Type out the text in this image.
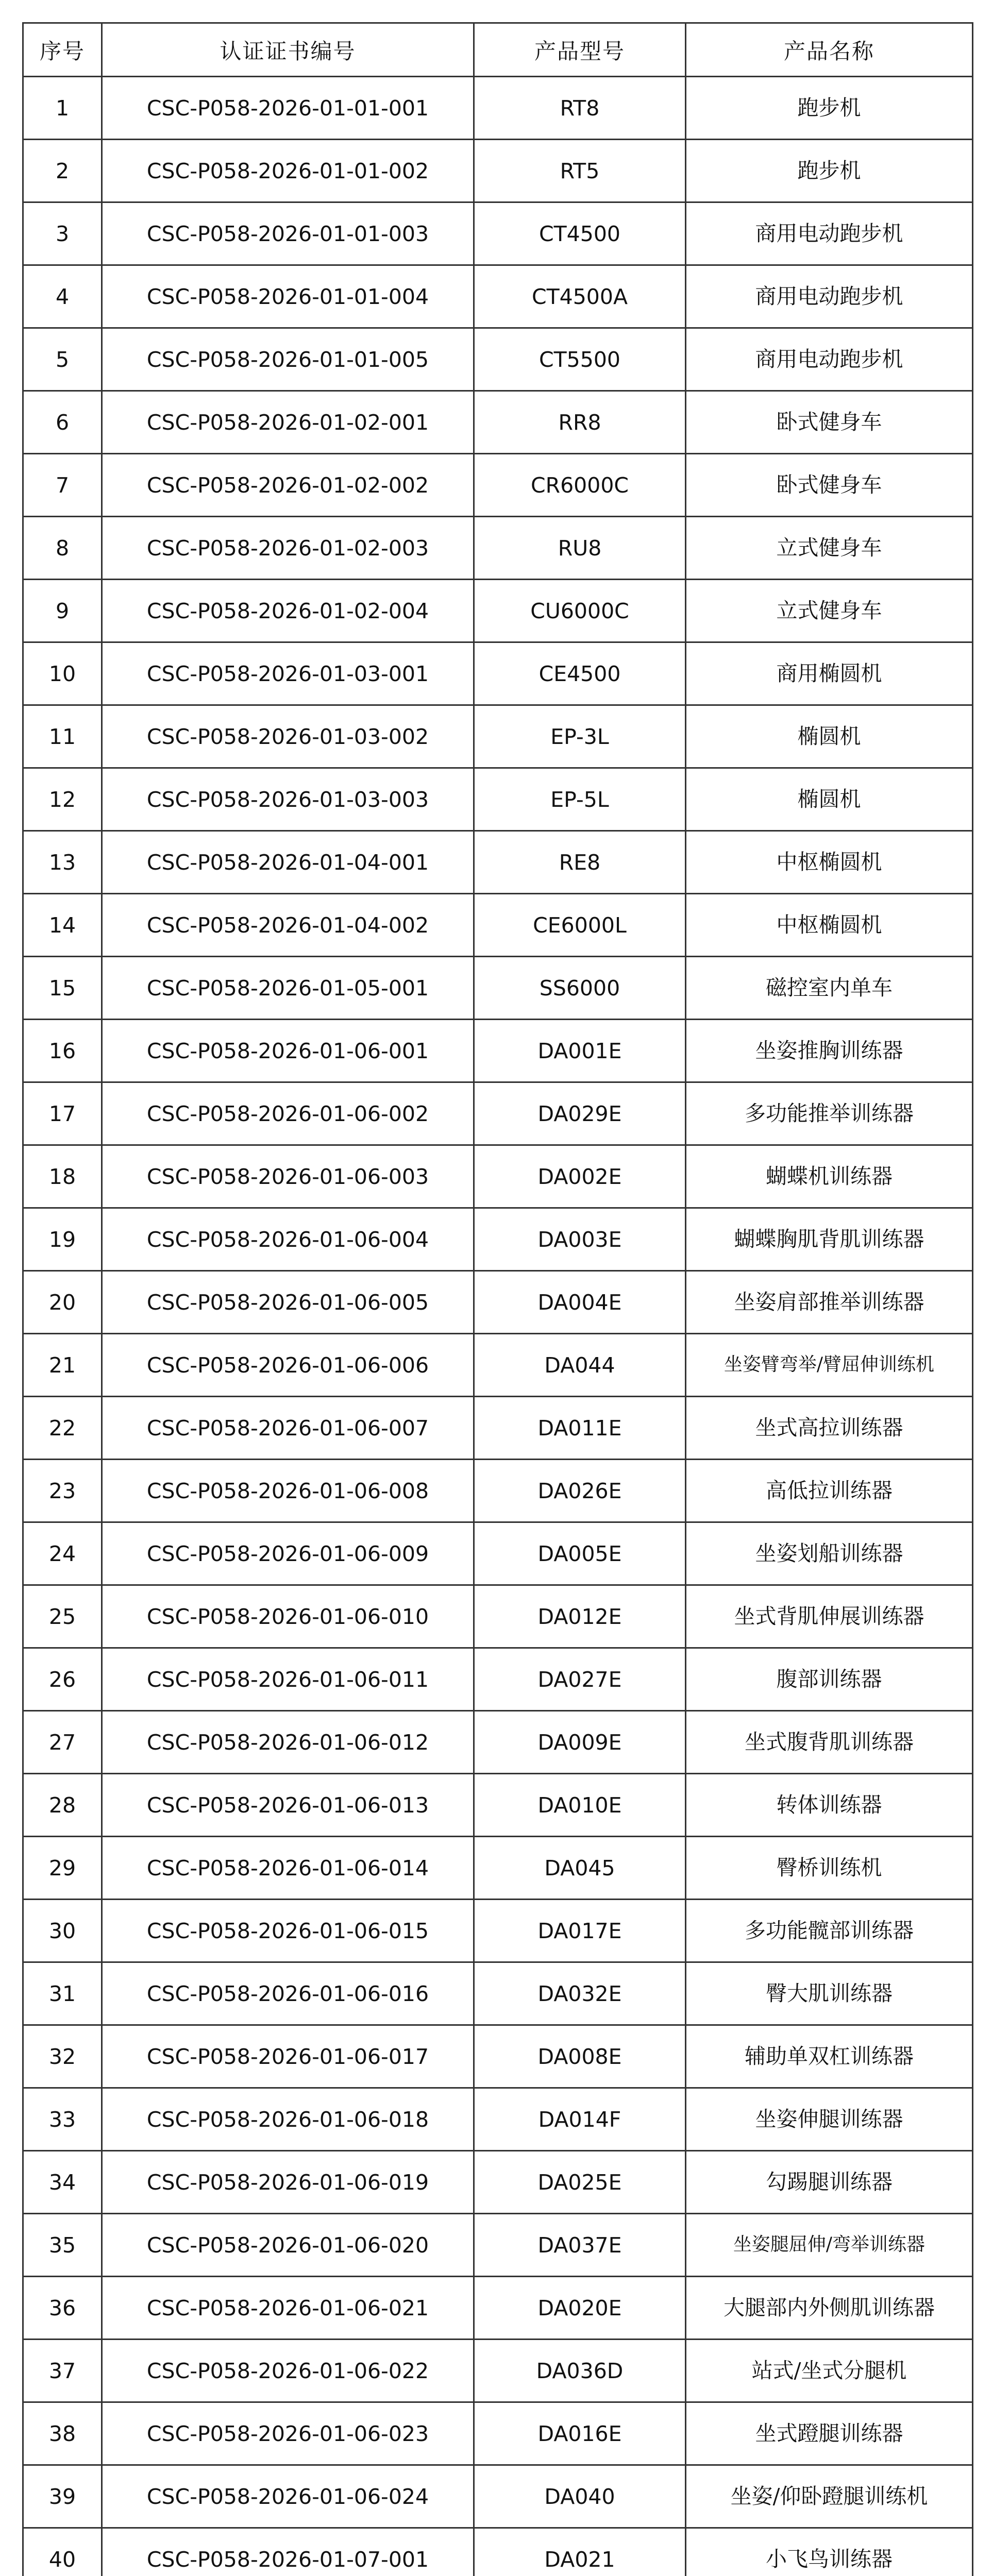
序号	认证证书编号	产品型号	产品名称
1	CSC-P058-2026-01-01-001	RT8	跑步机
2	CSC-P058-2026-01-01-002	RT5	跑步机
3	CSC-P058-2026-01-01-003	CT4500	商用电动跑步机
4	CSC-P058-2026-01-01-004	CT4500A	商用电动跑步机
5	CSC-P058-2026-01-01-005	CT5500	商用电动跑步机
6	CSC-P058-2026-01-02-001	RR8	卧式健身车
7	CSC-P058-2026-01-02-002	CR6000C	卧式健身车
8	CSC-P058-2026-01-02-003	RU8	立式健身车
9	CSC-P058-2026-01-02-004	CU6000C	立式健身车
10	CSC-P058-2026-01-03-001	CE4500	商用椭圆机
11	CSC-P058-2026-01-03-002	EP-3L	椭圆机
12	CSC-P058-2026-01-03-003	EP-5L	椭圆机
13	CSC-P058-2026-01-04-001	RE8	中枢椭圆机
14	CSC-P058-2026-01-04-002	CE6000L	中枢椭圆机
15	CSC-P058-2026-01-05-001	SS6000	磁控室内单车
16	CSC-P058-2026-01-06-001	DA001E	坐姿推胸训练器
17	CSC-P058-2026-01-06-002	DA029E	多功能推举训练器
18	CSC-P058-2026-01-06-003	DA002E	蝴蝶机训练器
19	CSC-P058-2026-01-06-004	DA003E	蝴蝶胸肌背肌训练器
20	CSC-P058-2026-01-06-005	DA004E	坐姿肩部推举训练器
21	CSC-P058-2026-01-06-006	DA044	坐姿臂弯举/臂屈伸训练机
22	CSC-P058-2026-01-06-007	DA011E	坐式高拉训练器
23	CSC-P058-2026-01-06-008	DA026E	高低拉训练器
24	CSC-P058-2026-01-06-009	DA005E	坐姿划船训练器
25	CSC-P058-2026-01-06-010	DA012E	坐式背肌伸展训练器
26	CSC-P058-2026-01-06-011	DA027E	腹部训练器
27	CSC-P058-2026-01-06-012	DA009E	坐式腹背肌训练器
28	CSC-P058-2026-01-06-013	DA010E	转体训练器
29	CSC-P058-2026-01-06-014	DA045	臀桥训练机
30	CSC-P058-2026-01-06-015	DA017E	多功能髋部训练器
31	CSC-P058-2026-01-06-016	DA032E	臀大肌训练器
32	CSC-P058-2026-01-06-017	DA008E	辅助单双杠训练器
33	CSC-P058-2026-01-06-018	DA014F	坐姿伸腿训练器
34	CSC-P058-2026-01-06-019	DA025E	勾踢腿训练器
35	CSC-P058-2026-01-06-020	DA037E	坐姿腿屈伸/弯举训练器
36	CSC-P058-2026-01-06-021	DA020E	大腿部内外侧肌训练器
37	CSC-P058-2026-01-06-022	DA036D	站式/坐式分腿机
38	CSC-P058-2026-01-06-023	DA016E	坐式蹬腿训练器
39	CSC-P058-2026-01-06-024	DA040	坐姿/仰卧蹬腿训练机
40	CSC-P058-2026-01-07-001	DA021	小飞鸟训练器
